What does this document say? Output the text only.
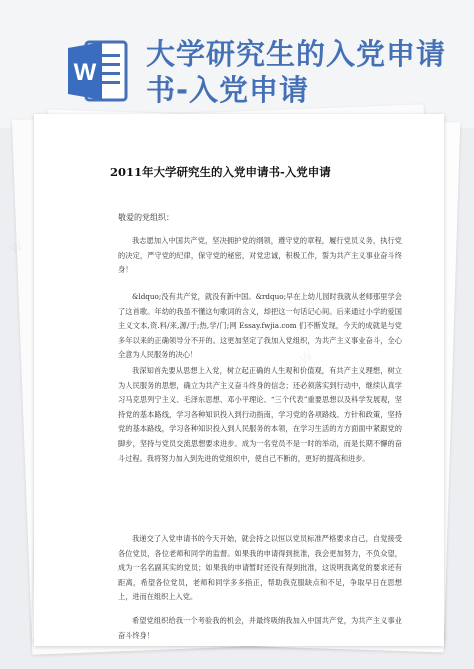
W
大学研究生的入党申请书-入党申请
2011年大学研究生的入党申请书-入党申请
敬爱的党组织：

我志愿加入中国共产党，坚决拥护党的纲领，遵守党的章程，履行党员义务，执行党的决定，严守党的纪律，保守党的秘密，对党忠诚，积极工作，誓为共产主义事业奋斗终身！

&ldquo;没有共产党，就没有新中国。&rdquo;早在上幼儿园时我就从老师那里学会了这首歌。年幼的我虽不懂这句歌词的含义，却把这一句话记心间。后来通过小学的爱国主义文本,资.料/来,源/于;热,学/门;网 Essay.fwjia.com 们不断发现，今天的成就是与党多年以来的正确领导分不开的。这更加坚定了我加入党组织，为共产主义事业奋斗，全心全意为人民服务的决心！

我深知首先要从思想上入党，树立起正确的人生观和价值观，有共产主义理想，树立为人民服务的思想，确立为共产主义奋斗终身的信念；还必须落实到行动中，继续认真学习马克思列宁主义、毛泽东思想、邓小平理论、“三个代表”重要思想以及科学发展观，坚持党的基本路线，学习各种知识投入到行动指南，学习党的各项路线、方针和政策，坚持党的基本路线，学习各种知识投入到人民服务的本领，在学习生活的方方面面中紧跟党的脚步，坚持与党员交流思想要求进步。成为一名党员不是一时的举动，而是长期不懈的奋斗过程。我将努力加入到先进的党组织中，使自己不断的，更好的提高和进步。

我递交了入党申请书的今天开始，就会持之以恒以党员标准严格要求自己，自觉接受各位党员，各位老师和同学的监督。如果我的申请得到批准，我会更加努力，不负众望，成为一名名副其实的党员；如果我的申请暂时还没有得到批准，这说明我离党的要求还有距离，希望各位党员，老师和同学多多指正，帮助我克服缺点和不足，争取早日在思想上，进而在组织上入党。

希望党组织给我一个考验我的机会，并最终吸纳我加入中国共产党，为共产主义事业奋斗终身！

W
W
